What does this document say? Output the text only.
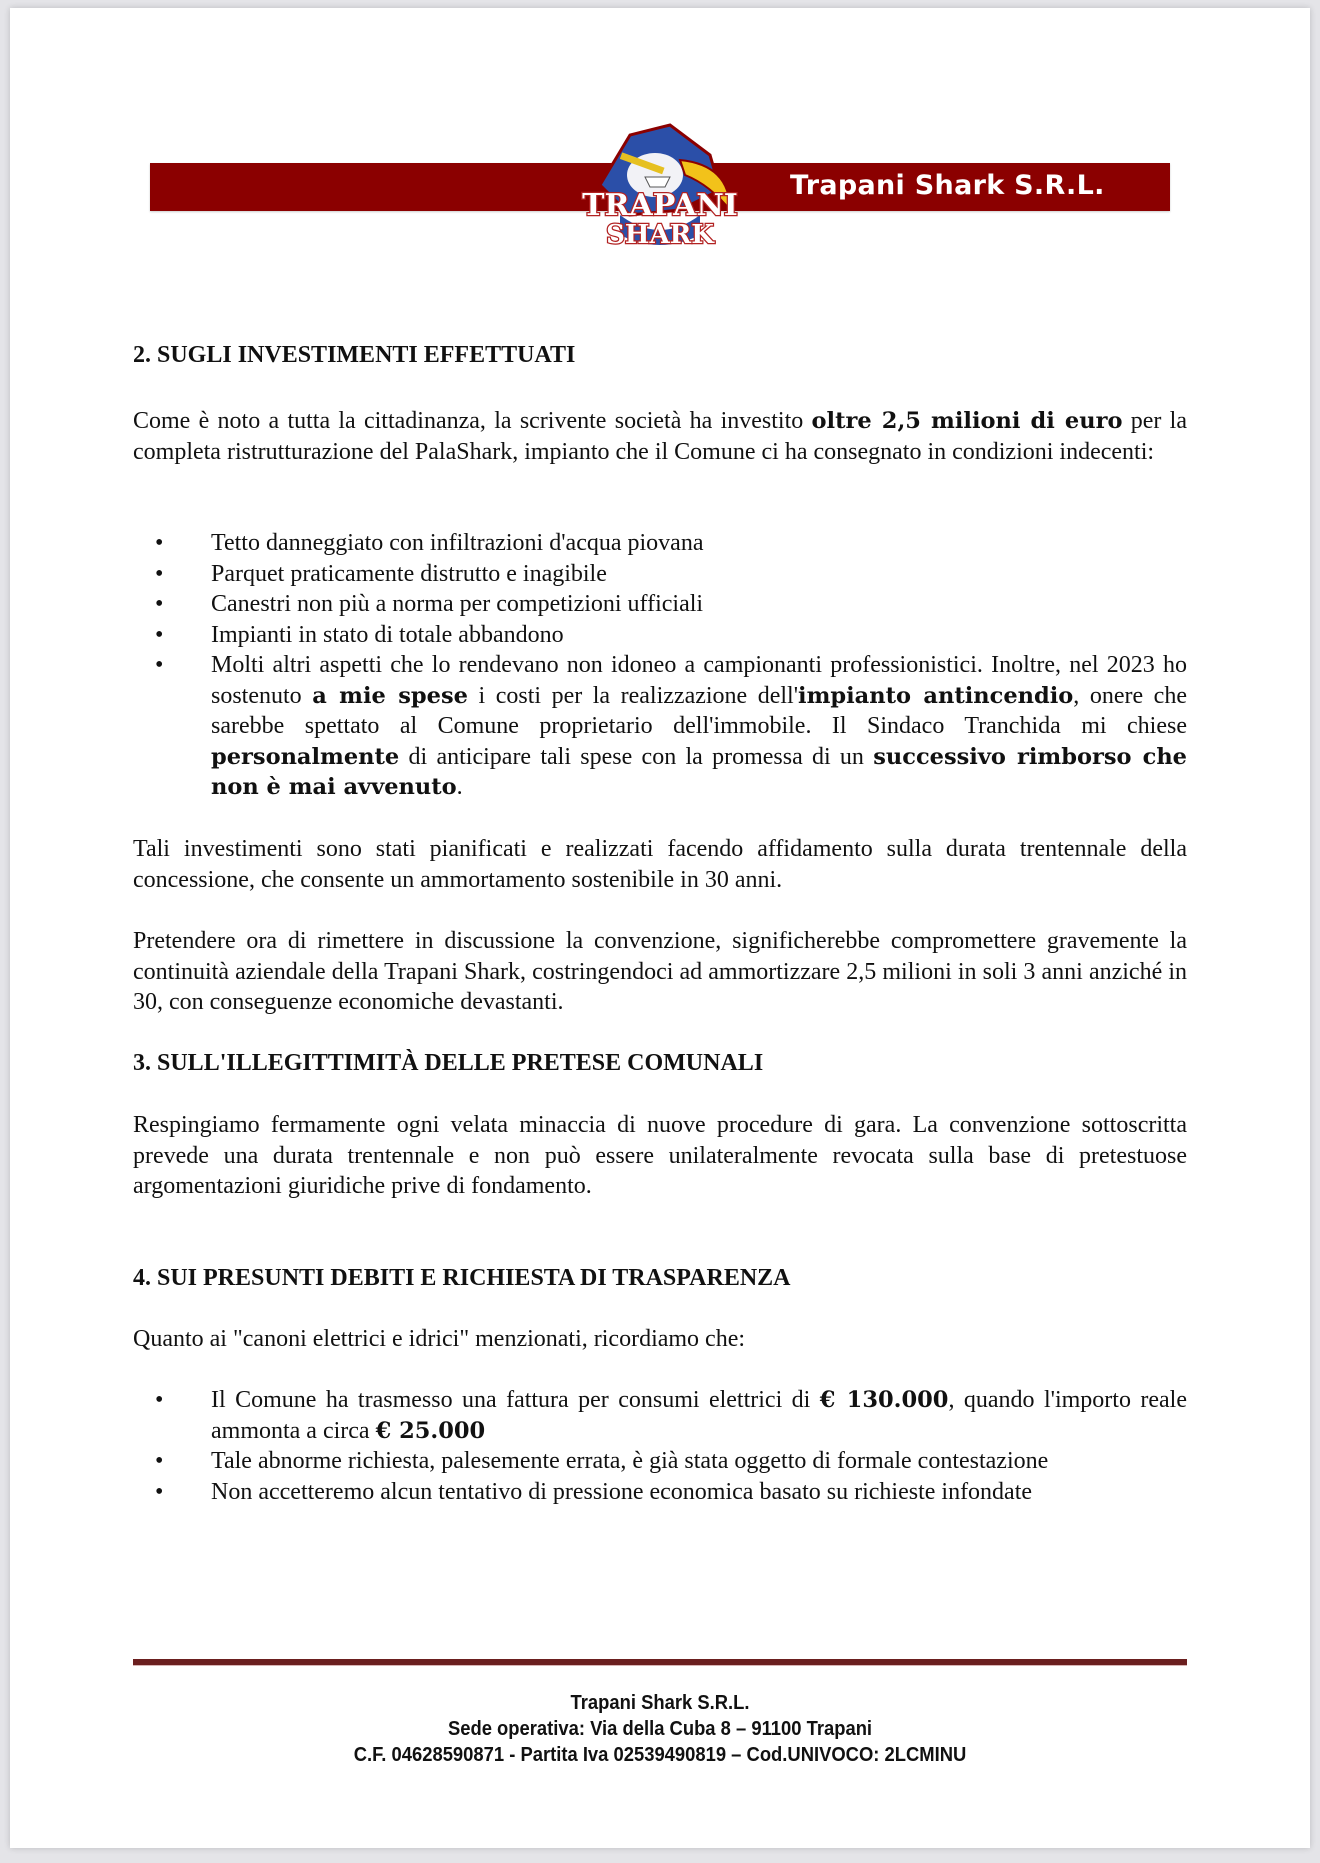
Trapani Shark S.R.L.
TRAPANI
SHARK
2. SUGLI INVESTIMENTI EFFETTUATI

Come è noto a tutta la cittadinanza, la scrivente società ha investito oltre 2,5 milioni di euro per la completa ristrutturazione del PalaShark, impianto che il Comune ci ha consegnato in condizioni indecenti:

• Tetto danneggiato con infiltrazioni d'acqua piovana
• Parquet praticamente distrutto e inagibile
• Canestri non più a norma per competizioni ufficiali
• Impianti in stato di totale abbandono
• Molti altri aspetti che lo rendevano non idoneo a campionanti professionistici. Inoltre, nel 2023 ho sostenuto a mie spese i costi per la realizzazione dell'impianto antincendio, onere che sarebbe spettato al Comune proprietario dell'immobile. Il Sindaco Tranchida mi chiese personalmente di anticipare tali spese con la promessa di un successivo rimborso che non è mai avvenuto.

Tali investimenti sono stati pianificati e realizzati facendo affidamento sulla durata trentennale della concessione, che consente un ammortamento sostenibile in 30 anni.

Pretendere ora di rimettere in discussione la convenzione, significherebbe compromettere gravemente la continuità aziendale della Trapani Shark, costringendoci ad ammortizzare 2,5 milioni in soli 3 anni anziché in 30, con conseguenze economiche devastanti.

3. SULL'ILLEGITTIMITÀ DELLE PRETESE COMUNALI

Respingiamo fermamente ogni velata minaccia di nuove procedure di gara. La convenzione sottoscritta prevede una durata trentennale e non può essere unilateralmente revocata sulla base di pretestuose argomentazioni giuridiche prive di fondamento.

4. SUI PRESUNTI DEBITI E RICHIESTA DI TRASPARENZA

Quanto ai "canoni elettrici e idrici" menzionati, ricordiamo che:

• Il Comune ha trasmesso una fattura per consumi elettrici di € 130.000, quando l'importo reale ammonta a circa € 25.000
• Tale abnorme richiesta, palesemente errata, è già stata oggetto di formale contestazione
• Non accetteremo alcun tentativo di pressione economica basato su richieste infondate
Trapani Shark S.R.L.
Sede operativa: Via della Cuba 8 – 91100 Trapani
C.F. 04628590871 - Partita Iva 02539490819 – Cod.UNIVOCO: 2LCMINU
